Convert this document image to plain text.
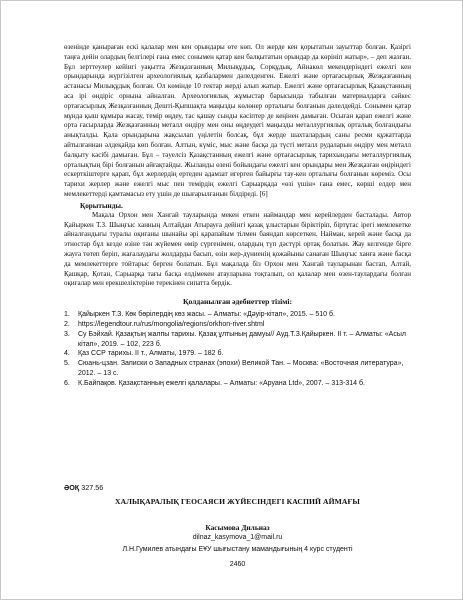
өзенінде қаныраған ескі қалалар мен кен орындары өте көп. Ол жерде кен қорытатын зауыттар болған. Қазіргі таңға дейін олардың белгілері ғана емес сонымен қатар кен балқытатын орындар да көрініп жатыр», – деп жазған. Бұл зерттеулер кейінгі уақытта Жезқазғанның Милықұдық, Сорқұдық, Айнакөл мекендеріндегі ежелгі кен орындарында жүргізілген археологиялық қазбалармен дәлелденген. Ежелгі және ортағасырлық Жезқазғанның астанасы Милықұдық болған. Ол көмінде 10 гектар жерді алып жатыр. Ежелгі және ортағасырлық Қазақстанның аса ірі өндіріс орнына айналған. Археологиялық жұмыстар барысында табылған материалдарға сәйкес ортағасырлық Жезқазғанның Дешті-Қыпшақта маңызды көлөнер орталығы болғанын дәлелдейді. Сонымен қатар мұнда қыш құмыра жасау, темір өңдеу, тас қашау сынды кәсіптер де кеңінен дамыған. Осыған қарап ежелгі және орта ғасырларда Жезқазғанның металл өндіру мен оны өңдеудегі маңызды металлургиялық орталық болғандығы анықталды. Қала орындарына жақсылап үңілетін болсақ, бұл жерде шахталардың саны ресми құжаттарда айтылғаннан әлдеқайда көп болған. Алтын, күміс, мыс және басқа да түсті металл рудаларын өндіру мен металл балқыту кәсібі дамыған. Бұл – тәуелсіз Қазақстанның ежелгі және ортағасырлық тарихындағы металлургиялық орталықтың бірі болғанын айғақтайды. Жыланды өзені бойындағы ежелгі кен орындары мен Жезқазған өңіріндегі ескерткіштерге қарап, бұл жерлердің ертеден адамзат игерген байырғы тау-кен орталығы болғанын көреміз. Осы тарихи жерлер және ежелгі мыс пен темірдің ежелгі Сарыарқада «өзі үшін» ғана емес, көрші елдер мен мемлекеттерді қамтамасыз ету үшін де шығарылғанын білдіреді. [6]

Қорытынды.

Мақала Орхон мен Хангай тауларында мекен еткен наймандар мен керейлерден басталады. Автор Қайыркен Т.З. Шыңғыс ханның Алтайдан Атырауға дейінгі қазақ ұлыстарын біріктіріп, біртұтас ірегі мемлекетке айналғандығы туралы оқиғаны шынайы әрі қарапайым тілмен баяндап көрсеткен. Найман, керей және басқа да этностар бұл кезде өзіне тән жүйемен өмір сүргенімен, олардың түп дәстүрі ортақ болатын. Жау келгенде бірге жауға төтеп беріп, жағалаудағы жолдарды басып, өзін жер-дүниенің қожайыны санаған Шыңғыс ханға және басқа да мемлекеттерге тойтарыс берген болатын. Бұл мақалада біз Орхон мен Хангай тауларынан бастап, Алтай, Қашқар, Қотан, Сарыарқа тағы басқа елдімекен атауларына тоқталып, ол қалалар мен өзен-таулардағы болған оқиғалар мен ерекшеліктеріне терекінен сипатта бердік.

Қолданылған әдебиеттер тізімі:
1.	Қайыркен Т.З. Көк бөрілердің көз жасы. – Алматы: «Дәуір-кітап», 2015. – 510 б.
2.	https://legendtour.ru/rus/mongolia/regions/orkhon-river.shtml
3.	Су Бэйхай. Қазақтың жалпы тарихы. Қазақ ұлтының дамуы// Ауд.Т.З.Қайыркен. ІІ т. – Алматы: «Асыл кітап», 2019. – 102, 223 б.
4.	Қаз ССР тарихы. ІІ т., Алматы, 1979. – 182 б.
5.	Сюань-цзан. Записки о Западных странах (эпохи) Великой Тан. – Москва: «Восточная литература», 2012. – 13 с.
6.	К.Байпақов. Қазақстанның ежелгі қалалары. – Алматы: «Аруана Ltd», 2007. – 313-314 б.
ӘОҚ 327.56
ХАЛЫҚАРАЛЫҚ ГЕОСАЯСИ ЖҮЙЕСІНДЕГІ КАСПИЙ АЙМАҒЫ
Касымова Дильназ
dilnaz_kasymova_1@mail.ru
Л.Н.Гумилев атындағы ЕҰУ шығыстану мамандығының 4 курс студенті
2460
